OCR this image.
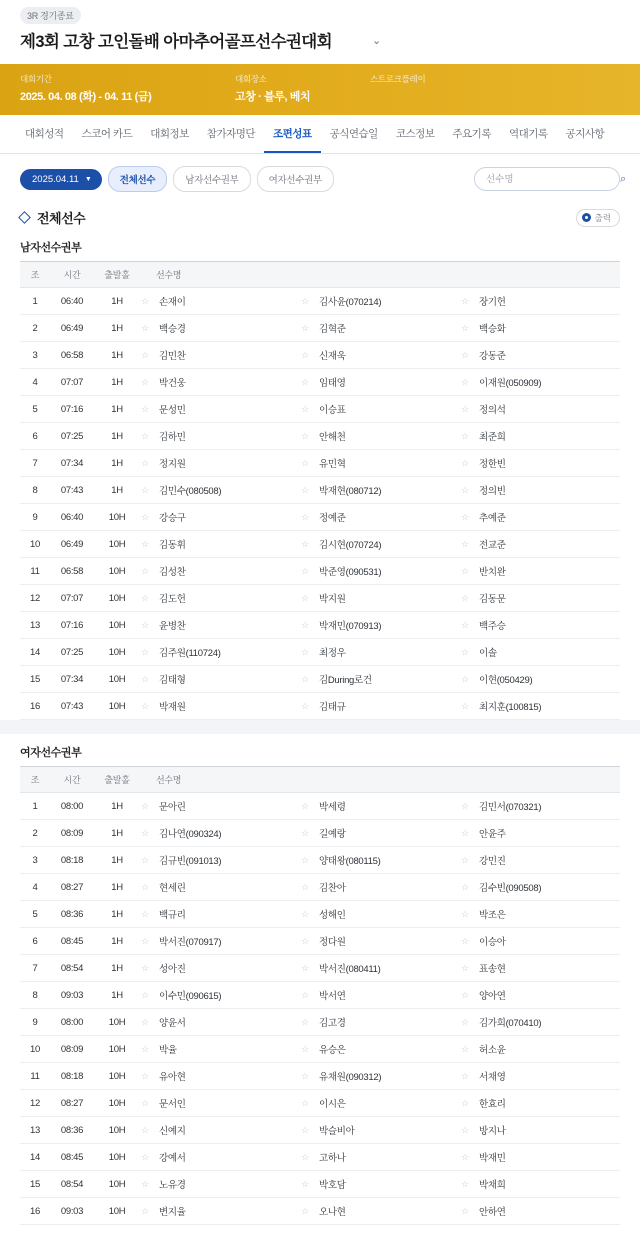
3R 경기종료
제3회 고창 고인돌배 아마추어골프선수권대회	⌄
대회기간
2025. 04. 08 (화) - 04. 11 (금)
대회장소
고창 · 블루, 베치
스트로크플레이
대회성적	스코어 카드	대회정보	참가자명단	조편성표	공식연습일	코스정보	주요기록	역대기록	공지사항
2025.04.11 ▼	전체선수	남자선수권부	여자선수권부
선수명	⌕
전체선수	출력
남자선수권부
조	시간	출발홀	선수명
1	06:40	1H	☆ 손재이	☆ 김사윤(070214)	☆ 장기헌

2	06:49	1H	☆ 백승경	☆ 김혁준	☆ 백승화

3	06:58	1H	☆ 김민찬	☆ 신재욱	☆ 강동준

4	07:07	1H	☆ 박건웅	☆ 임태영	☆ 이재원(050909)

5	07:16	1H	☆ 문성민	☆ 이승표	☆ 정의석

6	07:25	1H	☆ 김하민	☆ 안해천	☆ 최준희

7	07:34	1H	☆ 정지원	☆ 유민혁	☆ 정한빈

8	07:43	1H	☆ 김민수(080508)	☆ 박재현(080712)	☆ 정의빈

9	06:40	10H	☆ 강승구	☆ 정예준	☆ 추예준

10	06:49	10H	☆ 김동휘	☆ 김시현(070724)	☆ 전교준

11	06:58	10H	☆ 김성찬	☆ 박준영(090531)	☆ 반치완

12	07:07	10H	☆ 김도헌	☆ 박지원	☆ 김동문

13	07:16	10H	☆ 윤병찬	☆ 박재민(070913)	☆ 백주승

14	07:25	10H	☆ 김주원(110724)	☆ 최정우	☆ 이솔

15	07:34	10H	☆ 김태형	☆ 김During로건	☆ 이현(050429)

16	07:43	10H	☆ 박재원	☆ 김태규	☆ 최지훈(100815)
여자선수권부
조	시간	출발홀	선수명
1	08:00	1H	☆ 문아린	☆ 박세령	☆ 김민서(070321)

2	08:09	1H	☆ 김나연(090324)	☆ 길예랑	☆ 안윤주

3	08:18	1H	☆ 김규빈(091013)	☆ 양태왕(080115)	☆ 강민진

4	08:27	1H	☆ 현세린	☆ 김찬아	☆ 김수빈(090508)

5	08:36	1H	☆ 백규리	☆ 성해인	☆ 박조은

6	08:45	1H	☆ 박서진(070917)	☆ 정다원	☆ 이승아

7	08:54	1H	☆ 성아진	☆ 박서진(080411)	☆ 표송현

8	09:03	1H	☆ 이수민(090615)	☆ 박서연	☆ 양아연

9	08:00	10H	☆ 양윤서	☆ 김고경	☆ 김가희(070410)

10	08:09	10H	☆ 박율	☆ 유승은	☆ 허소윤

11	08:18	10H	☆ 유아현	☆ 유채원(090312)	☆ 서채영

12	08:27	10H	☆ 문서인	☆ 이시은	☆ 한효리

13	08:36	10H	☆ 신예지	☆ 박슬비아	☆ 방지나

14	08:45	10H	☆ 강예서	☆ 고하나	☆ 박재민

15	08:54	10H	☆ 노유경	☆ 박호담	☆ 박채희

16	09:03	10H	☆ 변지율	☆ 오나현	☆ 안하연
